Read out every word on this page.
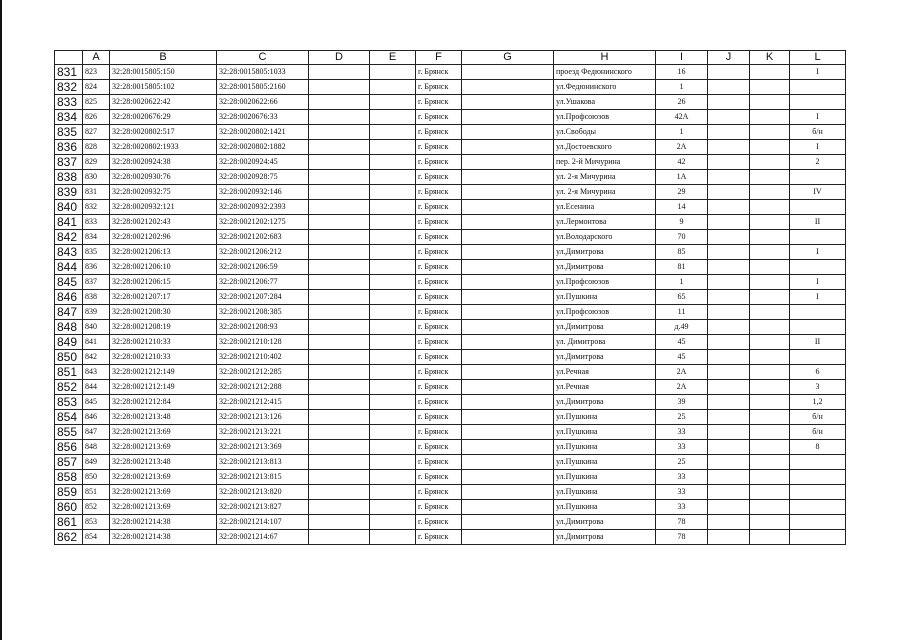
	A	B	C	D	E	F	G	H	I	J	K	L
831	823	32:28:0015805:150	32:28:0015805:1033			г. Брянск		проезд Федюнинского	16			I
832	824	32:28:0015805:102	32:28:0015805:2160			г. Брянск		ул.Федюнинского	1			
833	825	32:28:0020622:42	32:28:0020622:66			г. Брянск		ул.Ушакова	26			
834	826	32:28:0020676:29	32:28:0020676:33			г. Брянск		ул.Профсоюзов	42А			I
835	827	32:28:0020802:517	32:28:0020802:1421			г. Брянск		ул.Свободы	1			б/н
836	828	32:28:0020802:1933	32:28:0020802:1882			г. Брянск		ул.Достоевского	2А			I
837	829	32:28:0020924:38	32:28:0020924:45			г. Брянск		пер. 2-й Мичурина	42			2
838	830	32:28:0020930:76	32:28:0020928:75			г. Брянск		ул. 2-я Мичурина	1А			
839	831	32:28:0020932:75	32:28:0020932:146			г. Брянск		ул. 2-я Мичурина	29			IV
840	832	32:28:0020932:121	32:28:0020932:2393			г. Брянск		ул.Есенина	14			
841	833	32:28:0021202:43	32:28:0021202:1275			г. Брянск		ул.Лермонтова	9			II
842	834	32:28:0021202:96	32:28:0021202:683			г. Брянск		ул.Володарского	70			
843	835	32:28:0021206:13	32:28:0021206:212			г. Брянск		ул.Димитрова	85			I
844	836	32:28:0021206:10	32:28:0021206:59			г. Брянск		ул.Димитрова	81			
845	837	32:28:0021206:15	32:28:0021206:77			г. Брянск		ул.Профсоюзов	1			I
846	838	32:28:0021207:17	32:28:0021207:284			г. Брянск		ул.Пушкина	65			I
847	839	32:28:0021208:30	32:28:0021208:385			г. Брянск		ул.Профсоюзов	11			
848	840	32:28:0021208:19	32:28:0021208:93			г. Брянск		ул.Димитрова	д.49			
849	841	32:28:0021210:33	32:28:0021210:128			г. Брянск		ул. Димитрова	45			II
850	842	32:28:0021210:33	32:28:0021210:402			г. Брянск		ул.Димитрова	45			
851	843	32:28:0021212:149	32:28:0021212:285			г. Брянск		ул.Речная	2А			6
852	844	32:28:0021212:149	32:28:0021212:288			г. Брянск		ул.Речная	2А			3
853	845	32:28:0021212:84	32:28:0021212:415			г. Брянск		ул.Димитрова	39			1,2
854	846	32:28:0021213:48	32:28:0021213:126			г. Брянск		ул.Пушкина	25			б/н
855	847	32:28:0021213:69	32:28:0021213:221			г. Брянск		ул.Пушкина	33			б/н
856	848	32:28:0021213:69	32:28:0021213:369			г. Брянск		ул.Пушкина	33			8
857	849	32:28:0021213:48	32:28:0021213:813			г. Брянск		ул.Пушкина	25			
858	850	32:28:0021213:69	32:28:0021213:815			г. Брянск		ул.Пушкина	33			
859	851	32:28:0021213:69	32:28:0021213:820			г. Брянск		ул.Пушкина	33			
860	852	32:28:0021213:69	32:28:0021213:827			г. Брянск		ул.Пушкина	33			
861	853	32:28:0021214:38	32:28:0021214:107			г. Брянск		ул.Димитрова	78			
862	854	32:28:0021214:38	32:28:0021214:67			г. Брянск		ул.Димитрова	78			
